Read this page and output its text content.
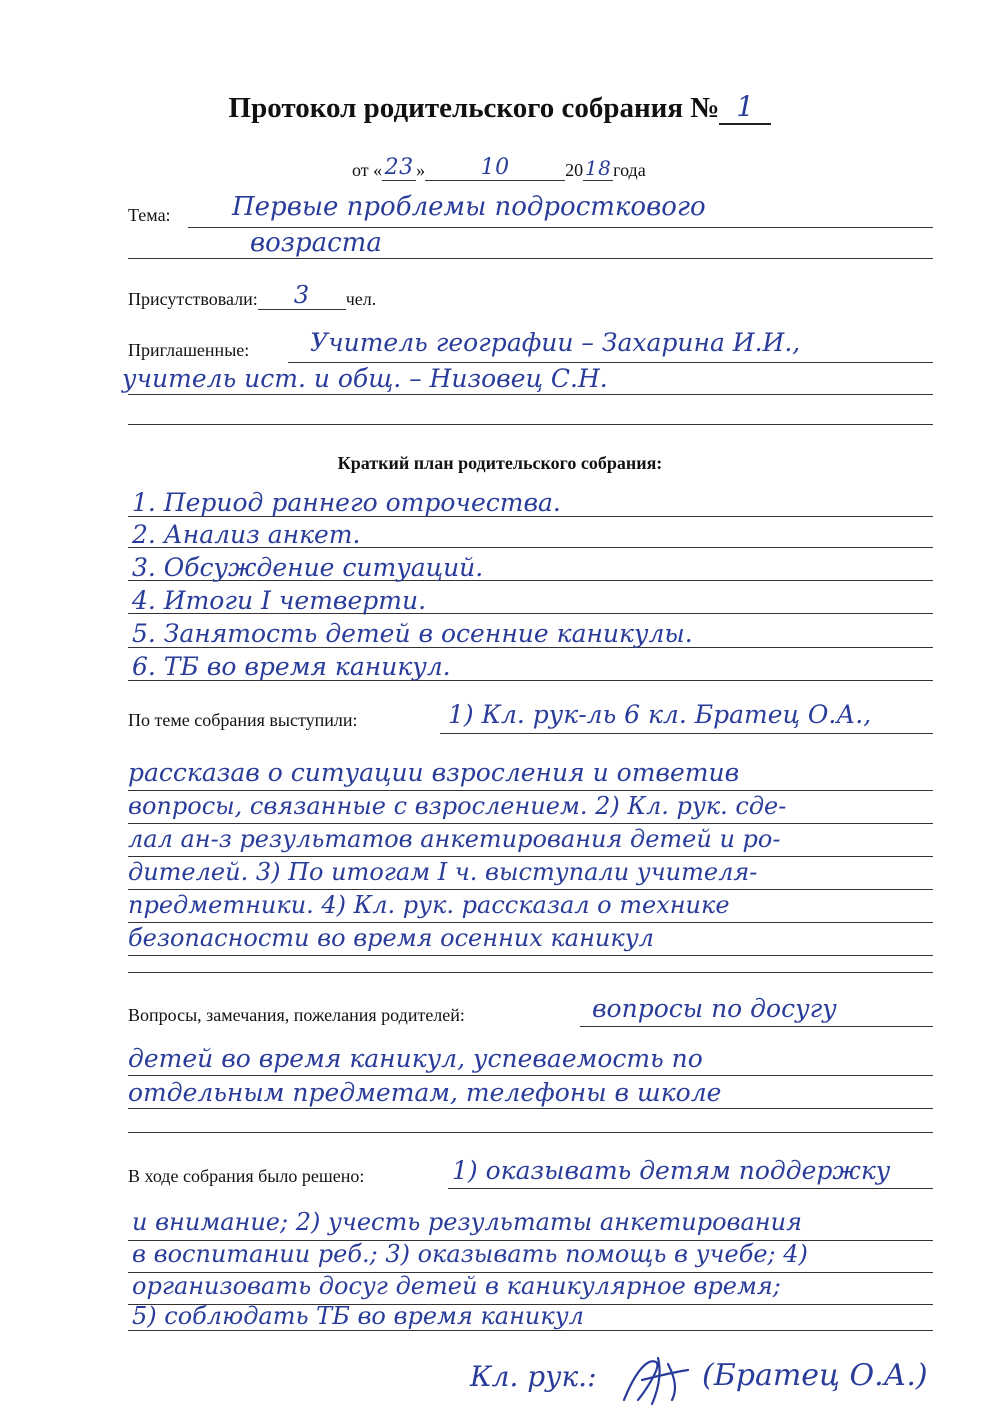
Протокол родительского собрания № 1
от « 23 »	10	20 18 года
Тема: Первые проблемы подросткового
возраста
Присутствовали:	3	чел.
Приглашенные: Учитель географии – Захарина И.И.,
учитель ист. и общ. – Низовец С.Н.
Краткий план родительского собрания:
1. Период раннего отрочества.
2. Анализ анкет.
3. Обсуждение ситуаций.
4. Итоги I четверти.
5. Занятость детей в осенние каникулы.
6. ТБ во время каникул.
По теме собрания выступили:	1) Кл. рук-ль 6 кл. Братец О.А.,
рассказав о ситуации взросления и ответив
вопросы, связанные с взрослением. 2) Кл. рук. сде-
лал ан-з результатов анкетирования детей и ро-
дителей. 3) По итогам I ч. выступали учителя-
предметники. 4) Кл. рук. рассказал о технике
безопасности во время осенних каникул
Вопросы, замечания, пожелания родителей:	вопросы по досугу
детей во время каникул, успеваемость по
отдельным предметам, телефоны в школе
В ходе собрания было решено:	1) оказывать детям поддержку
и внимание; 2) учесть результаты анкетирования
в воспитании реб.; 3) оказывать помощь в учебе; 4)
организовать досуг детей в каникулярное время;
5) соблюдать ТБ во время каникул
Кл. рук.:	(Братец О.А.)
